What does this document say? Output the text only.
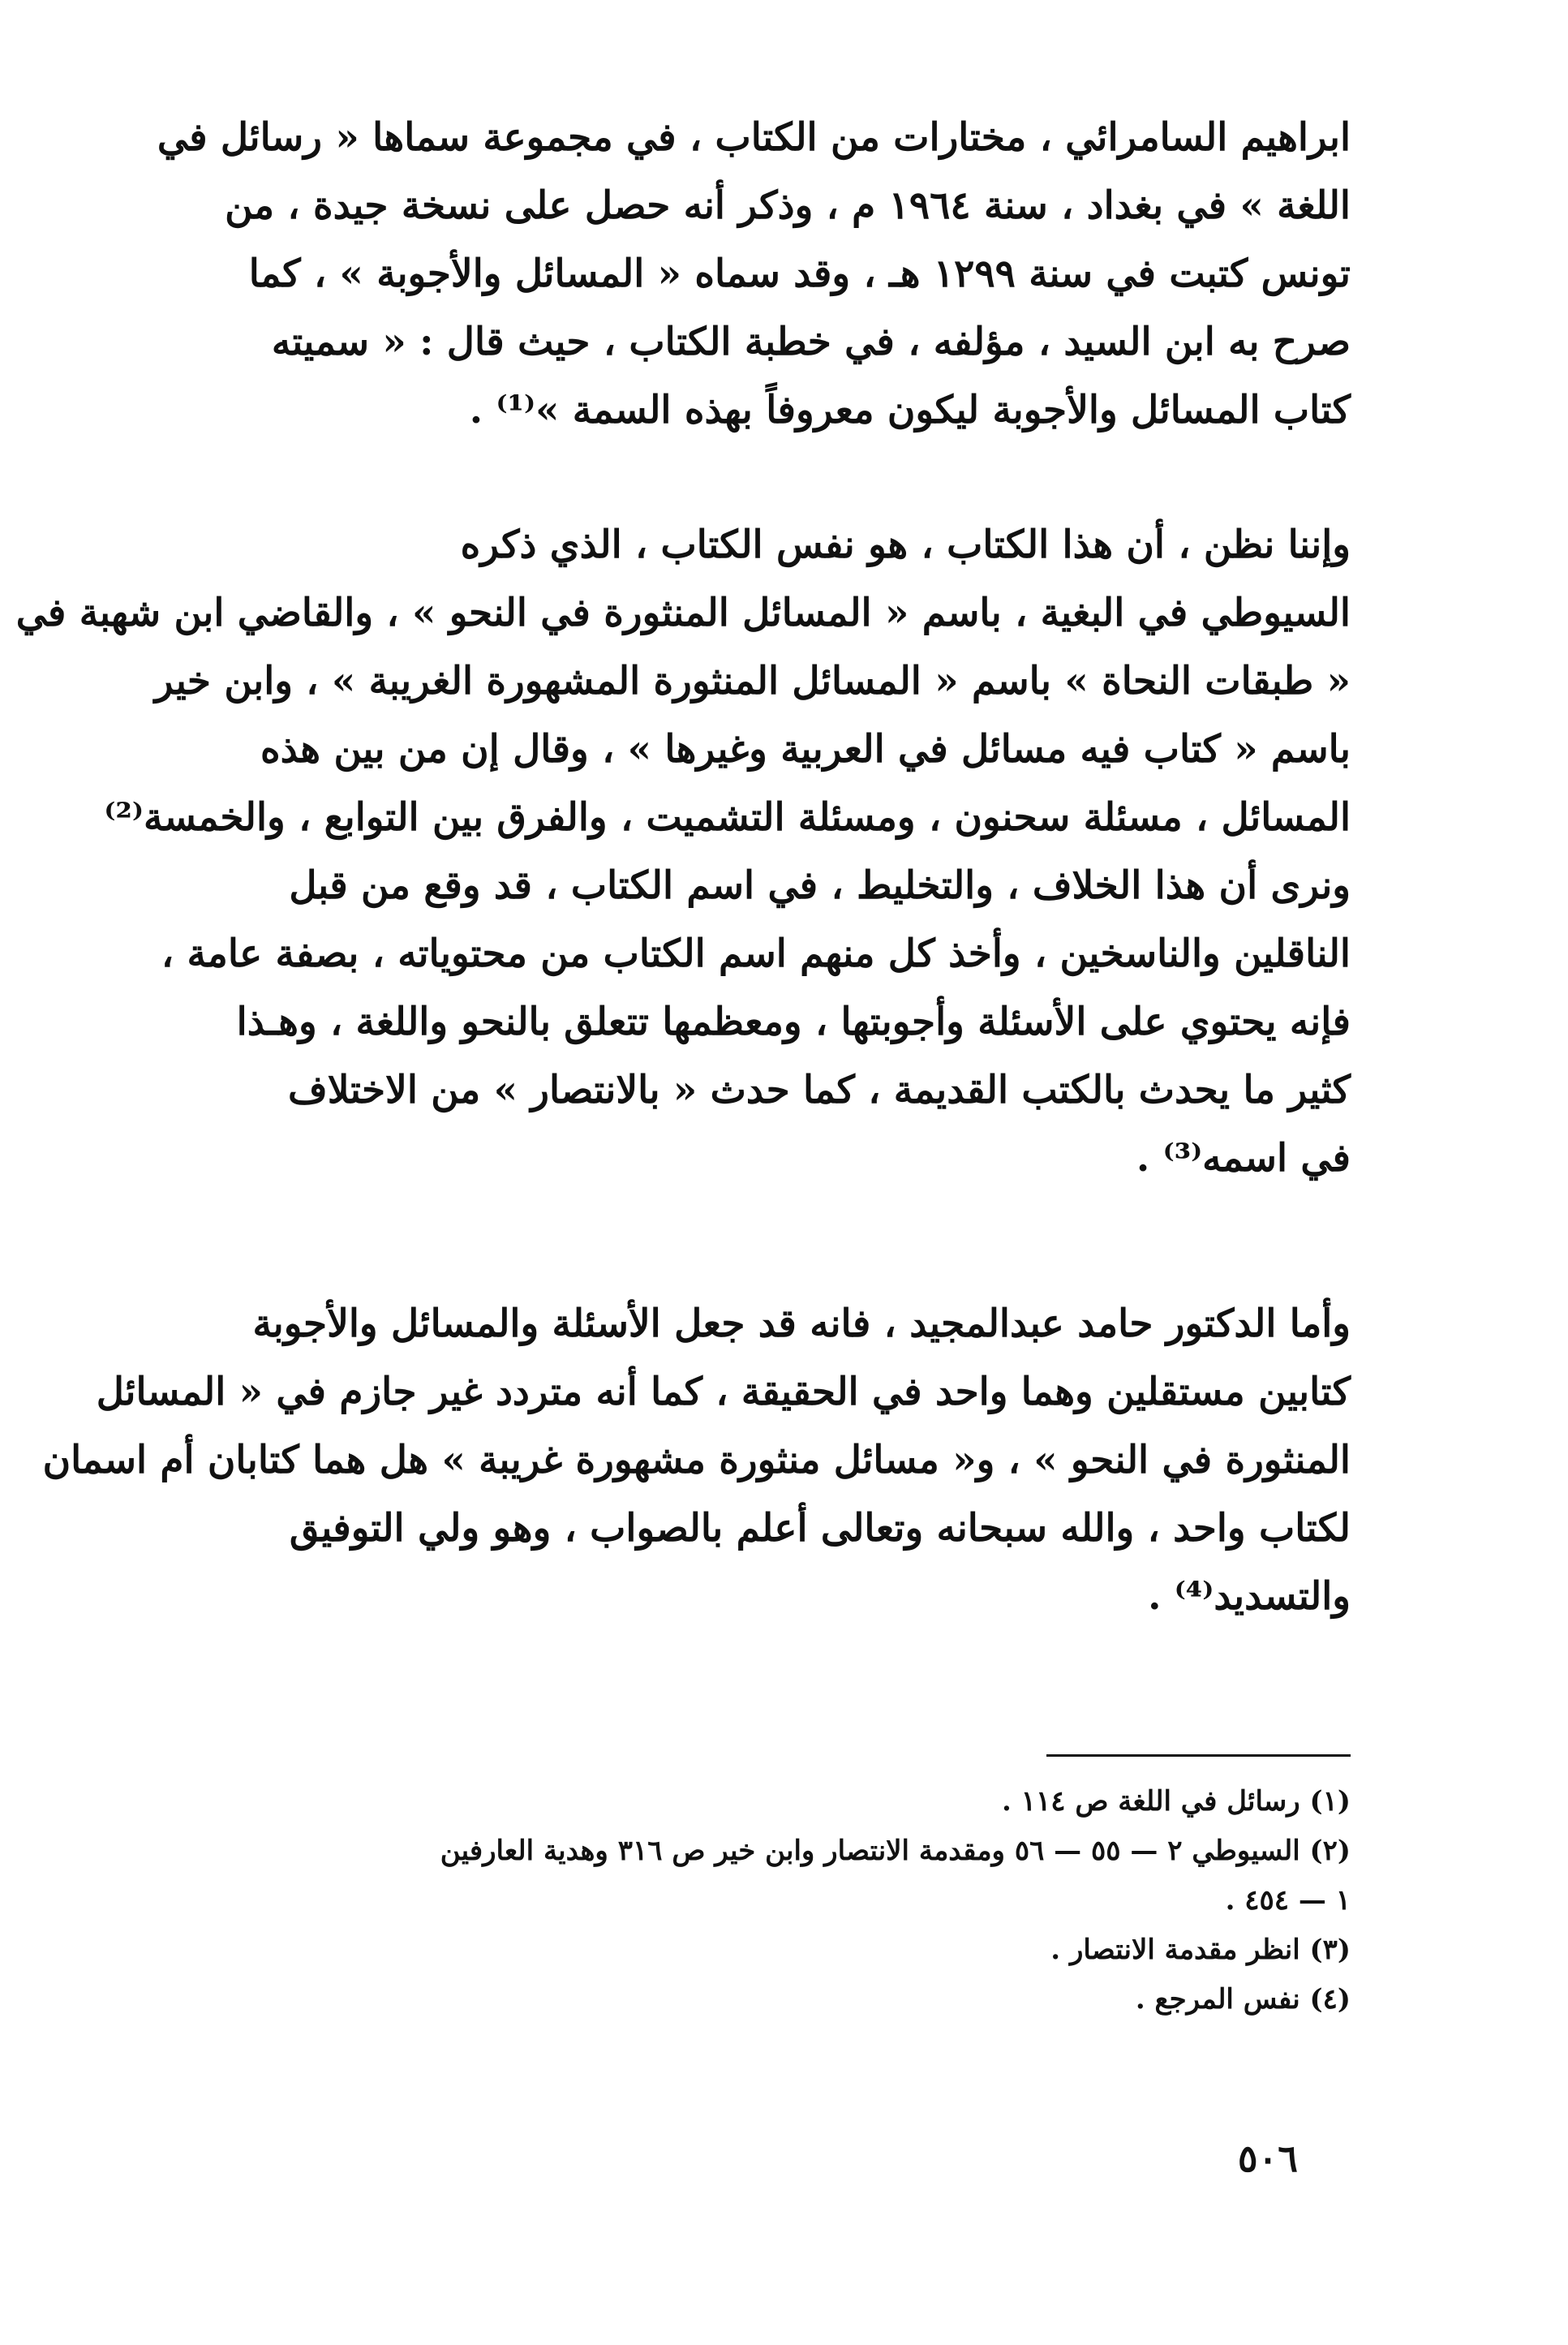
ابراهيم السامرائي ، مختارات من الكتاب ، في مجموعة سماها « رسائل في
اللغة » في بغداد ، سنة ١٩٦٤ م ، وذكر أنه حصل على نسخة جيدة ، من
تونس كتبت في سنة ١٢٩٩ هـ ، وقد سماه « المسائل والأجوبة » ، كما
صرح به ابن السيد ، مؤلفه ، في خطبة الكتاب ، حيث قال : « سميته
كتاب المسائل والأجوبة ليكون معروفاً بهذه السمة »⁽¹⁾ .
وإننا نظن ، أن هذا الكتاب ، هو نفس الكتاب ، الذي ذكره
السيوطي في البغية ، باسم « المسائل المنثورة في النحو » ، والقاضي ابن شهبة في
« طبقات النحاة » باسم « المسائل المنثورة المشهورة الغريبة » ، وابن خير
باسم « كتاب فيه مسائل في العربية وغيرها » ، وقال إن من بين هذه
المسائل ، مسئلة سحنون ، ومسئلة التشميت ، والفرق بين التوابع ، والخمسة⁽²⁾
ونرى أن هذا الخلاف ، والتخليط ، في اسم الكتاب ، قد وقع من قبل
الناقلين والناسخين ، وأخذ كل منهم اسم الكتاب من محتوياته ، بصفة عامة ،
فإنه يحتوي على الأسئلة وأجوبتها ، ومعظمها تتعلق بالنحو واللغة ، وهـذا
كثير ما يحدث بالكتب القديمة ، كما حدث « بالانتصار » من الاختلاف
في اسمه⁽³⁾ .
وأما الدكتور حامد عبدالمجيد ، فانه قد جعل الأسئلة والمسائل والأجوبة
كتابين مستقلين وهما واحد في الحقيقة ، كما أنه متردد غير جازم في « المسائل
المنثورة في النحو » ، و« مسائل منثورة مشهورة غريبة » هل هما كتابان أم اسمان
لكتاب واحد ، والله سبحانه وتعالى أعلم بالصواب ، وهو ولي التوفيق
والتسديد⁽⁴⁾ .
(١) رسائل في اللغة ص ١١٤ .
(٢) السيوطي ٢ — ٥٥ — ٥٦ ومقدمة الانتصار وابن خير ص ٣١٦ وهدية العارفين
١ — ٤٥٤ .
(٣) انظر مقدمة الانتصار .
(٤) نفس المرجع .
٥٠٦
